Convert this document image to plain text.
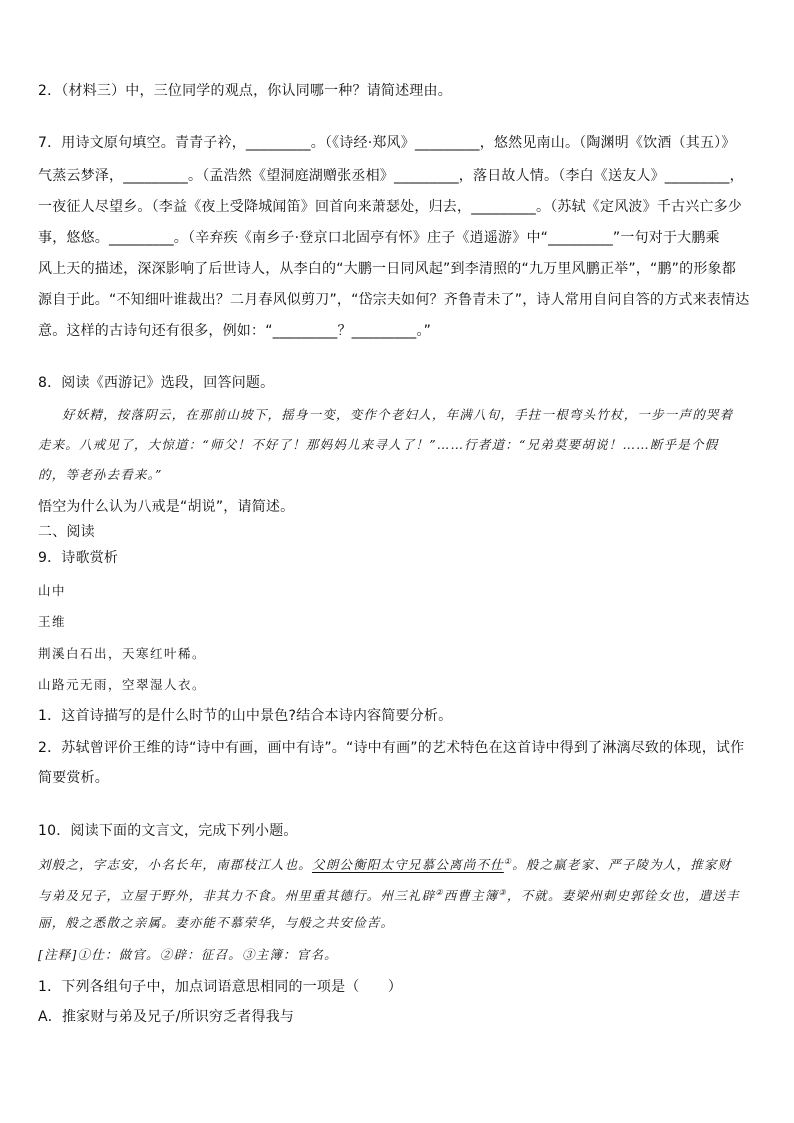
2．（材料三）中，三位同学的观点，你认同哪一种？请简述理由。
7．用诗文原句填空。青青子衿，_________。（《诗经·郑风》_________，悠然见南山。（陶渊明《饮酒（其五）》
气蒸云梦泽，_________。（孟浩然《望洞庭湖赠张丞相》_________，落日故人情。（李白《送友人》_________，
一夜征人尽望乡。（李益《夜上受降城闻笛》回首向来萧瑟处，归去，_________。（苏轼《定风波》千古兴亡多少
事，悠悠。_________。（辛弃疾《南乡子·登京口北固亭有怀》庄子《逍遥游》中“_________”一句对于大鹏乘
风上天的描述，深深影响了后世诗人，从李白的“大鹏一日同风起”到李清照的“九万里风鹏正举”，“鹏”的形象都
源自于此。“不知细叶谁裁出？二月春风似剪刀”，“岱宗夫如何？齐鲁青未了”，诗人常用自问自答的方式来表情达
意。这样的古诗句还有很多，例如：“_________？_________。”
8．阅读《西游记》选段，回答问题。
好妖精，按落阴云，在那前山坡下，摇身一变，变作个老妇人，年满八旬，手拄一根弯头竹杖，一步一声的哭着
走来。八戒见了，大惊道：“师父！不好了！那妈妈儿来寻人了！”……行者道：“兄弟莫要胡说！……断乎是个假
的，等老孙去看来。”
悟空为什么认为八戒是“胡说”，请简述。
二、阅读
9．诗歌赏析
山中
王维
荆溪白石出，天寒红叶稀。
山路元无雨，空翠湿人衣。
1．这首诗描写的是什么时节的山中景色?结合本诗内容简要分析。
2．苏轼曾评价王维的诗“诗中有画，画中有诗”。“诗中有画”的艺术特色在这首诗中得到了淋漓尽致的体现，试作
简要赏析。
10．阅读下面的文言文，完成下列小题。
刘般之，字志安，小名长年，南郡枝江人也。父朗公衡阳太守兄慕公离尚不仕①。般之羸老家、严子陵为人，推家财
与弟及兄子，立屋于野外，非其力不食。州里重其德行。州三礼辟②西曹主簿③，不就。妻梁州刺史郭铨女也，遣送丰
丽，般之悉散之亲属。妻亦能不慕荣华，与般之共安俭苦。
[注释]①仕：做官。②辟：征召。③主簿：官名。
1．下列各组句子中，加点词语意思相同的一项是（　　）
A．推家财与弟及兄子/所识穷乏者得我与
